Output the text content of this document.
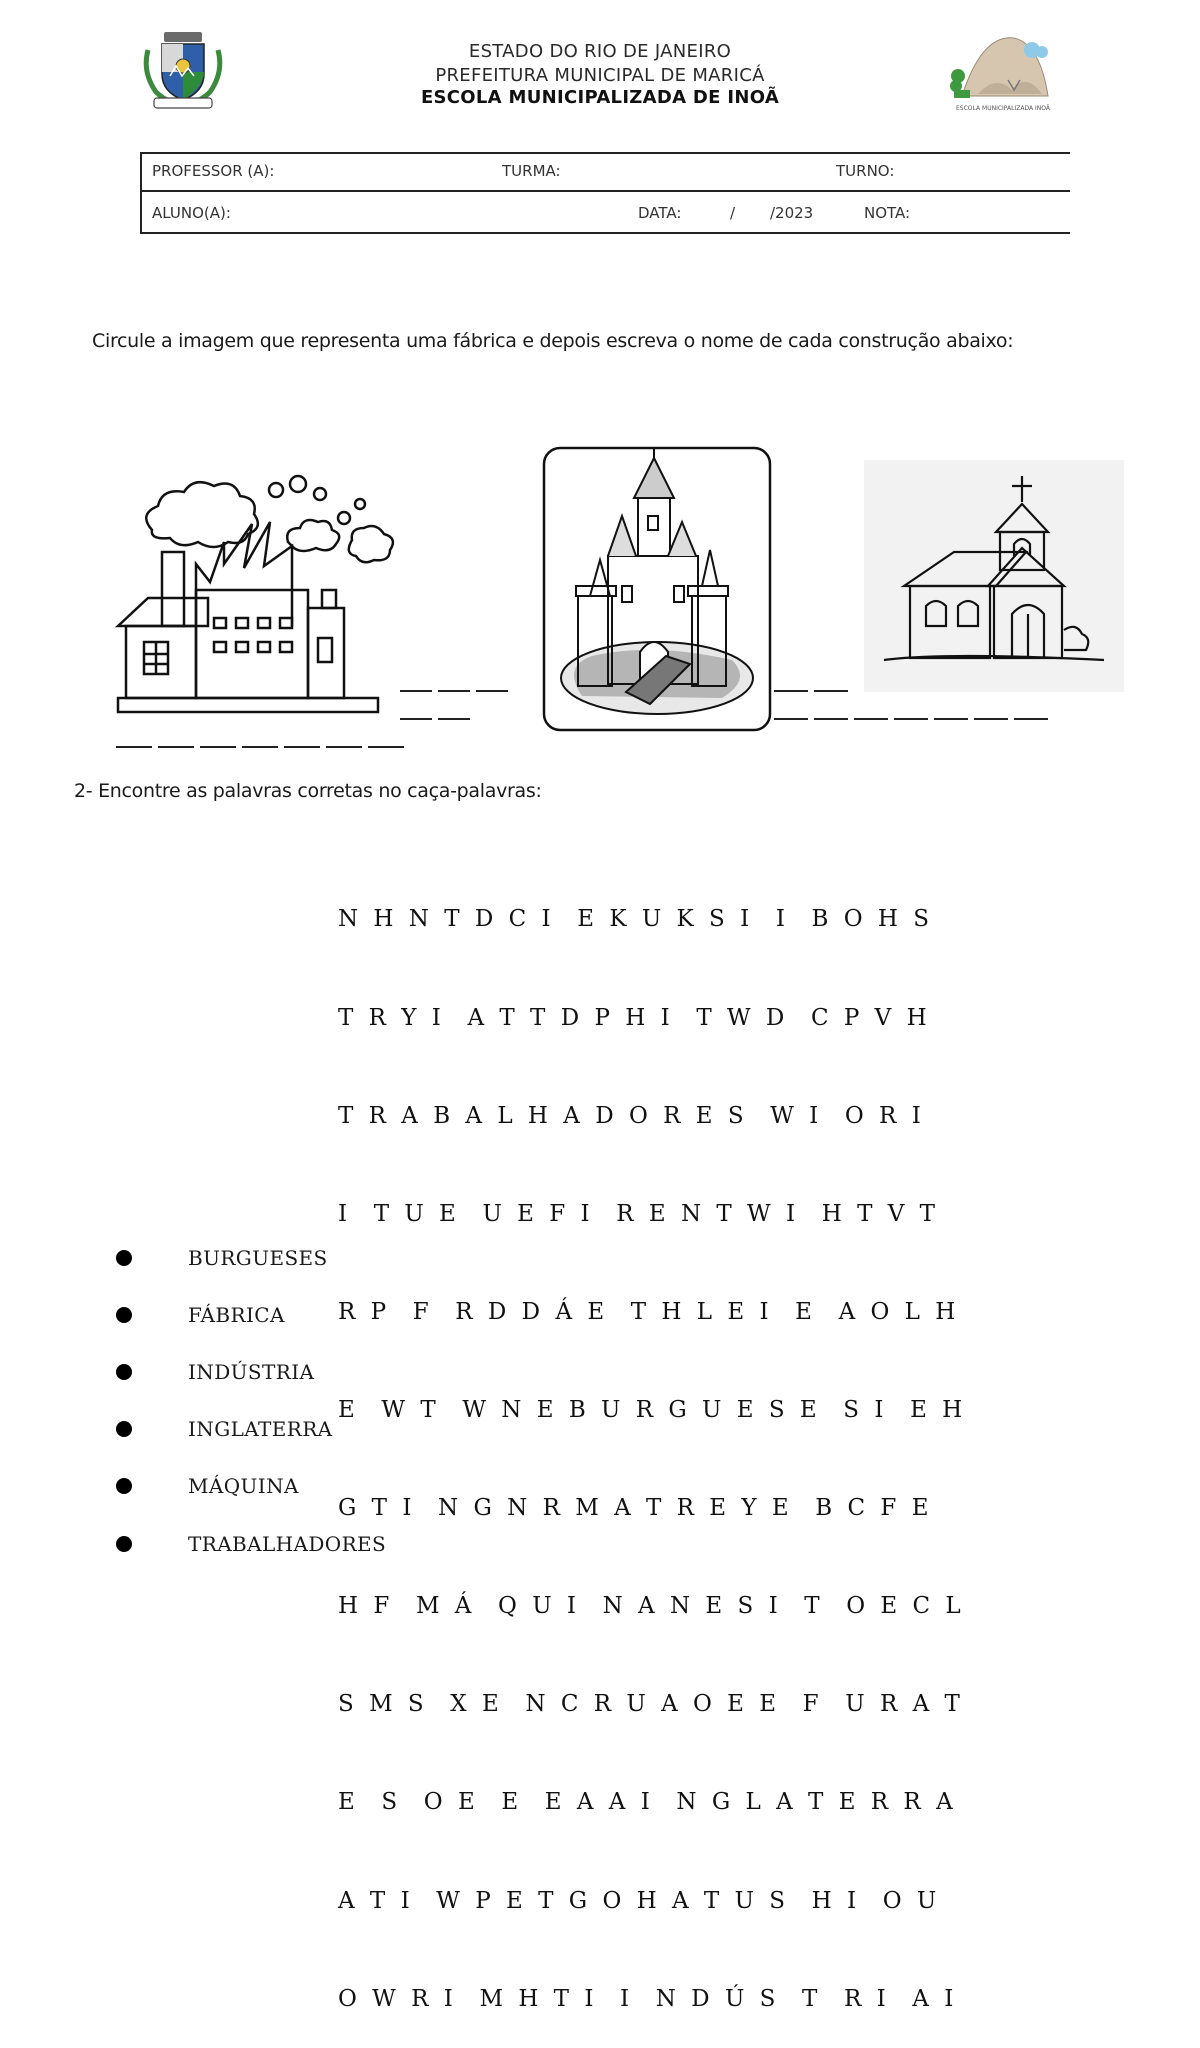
ESTADO DO RIO DE JANEIRO
PREFEITURA MUNICIPAL DE MARICÁ
ESCOLA MUNICIPALIZADA DE INOÃ
ESCOLA MUNICIPALIZADA INOÃ
PROFESSOR (A):	TURMA:	TURNO:
ALUNO(A):	DATA:	/ /2023	NOTA:
Circule a imagem que representa uma fábrica e depois escreva o nome de cada construção abaixo:
2- Encontre as palavras corretas no caça-palavras:

N H N T D C I  E K U K S I  I  B O H S

T R Y I  A T T D P H I  T W D  C P V H

T R A B A L H A D O R E S  W I  O R I

I  T U E  U E F I  R E N T W I  H T V T

R P  F  R D D Á E  T H L E I  E  A O L H

E  W T  W N E B U R G U E S E  S I  E H

G T I  N G N R M A T R E Y E  B C F E

H F  M Á  Q U I  N A N E S I  T  O E C L

S M S  X E  N C R U A O E E  F  U R A T

E  S  O E  E  E A A I  N G L A T E R R A

A T I  W P E T G O H A T U S  H I  O U

O W R I  M H T I  I  N D Ú S  T  R I  A I

BURGUESES
FÁBRICA
INDÚSTRIA
INGLATERRA
MÁQUINA
TRABALHADORES
